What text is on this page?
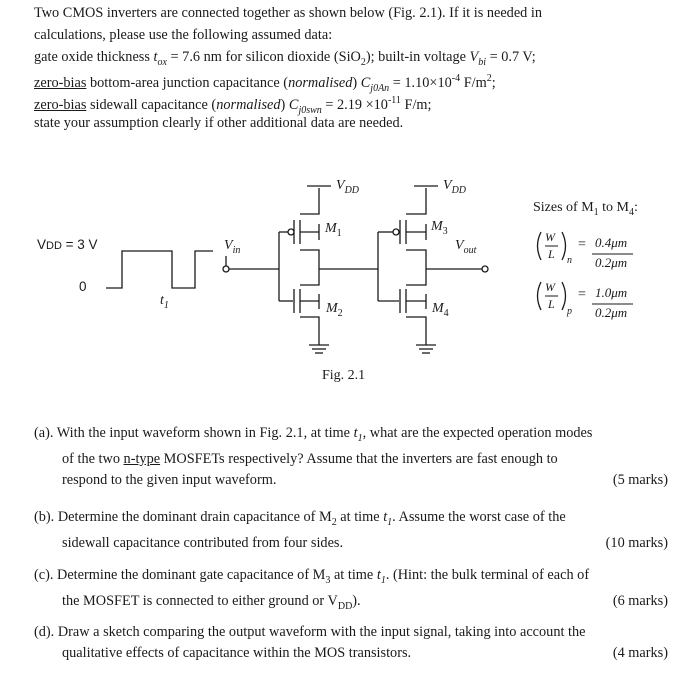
Two CMOS inverters are connected together as shown below (Fig. 2.1). If it is needed in
calculations, please use the following assumed data:
gate oxide thickness $t_{ox} = 7.6$ nm for silicon dioxide (SiO$_2$); built-in voltage $V_{bi} = 0.7$ V;
zero-bias bottom-area junction capacitance (normalised) $C_{j0An} = 1.10\times 10^{-4}$ $F/m^2$;
zero-bias sidewall capacitance (normalised) $C_{j0swn} = 2.19 \times 10^{-11}$ F/m;
state your assumption clearly if other additional data are needed.
$V_{DD}$	$V_{DD}$
$M_1$	$M_3$
$M_2$	$M_4$
$V_{in}$	$V_{out}$
VDD = 3 V
0
$t_1$
Fig. 2.1
Sizes of $M_1$ to $M_4$:
W
L n
= 0.4μm
0.2μm
W
L
p
= 1.0μm
0.2μm
(a). With the input waveform shown in Fig. 2.1, at time $t_1$, what are the expected operation modes
of the two n-type MOSFETs respectively? Assume that the inverters are fast enough to
respond to the given input waveform.	(5 marks)
(b). Determine the dominant drain capacitance of $M_2$ at time $t_1$. Assume the worst case of the
sidewall capacitance contributed from four sides.	(10 marks)
(c). Determine the dominant gate capacitance of $M_3$ at time $t_1$. (Hint: the bulk terminal of each of
the MOSFET is connected to either ground or $V_{DD}$).	(6 marks)
(d). Draw a sketch comparing the output waveform with the input signal, taking into account the
qualitative effects of capacitance within the MOS transistors.	(4 marks)
